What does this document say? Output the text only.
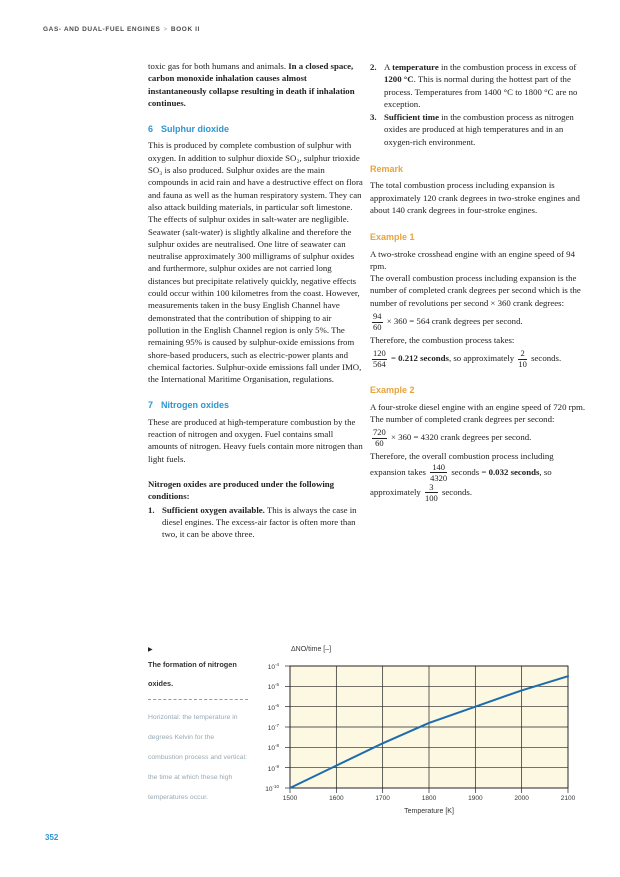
GAS- AND DUAL-FUEL ENGINES > BOOK II

toxic gas for both humans and animals. In a closed space, carbon monoxide inhalation causes almost instantaneously collapse resulting in death if inhalation continues.

6 Sulphur dioxide

This is produced by complete combustion of sulphur with oxygen. In addition to sulphur dioxide SO₂, sulphur trioxide SO₃ is also produced. Sulphur oxides are the main compounds in acid rain and have a destructive effect on flora and fauna as well as the human respiratory system. They can also attack building materials, in particular soft limestone. The effects of sulphur oxides in salt-water are negligible. Seawater (salt-water) is slightly alkaline and therefore the sulphur oxides are neutralised. One litre of seawater can neutralise approximately 300 milligrams of sulphur oxides and furthermore, sulphur oxides are not carried long distances but precipitate relatively quickly, negative effects could occur within 100 kilometres from the coast. However, measurements taken in the busy English Channel have demonstrated that the contribution of shipping to air pollution in the English Channel region is only 5%. The remaining 95% is caused by sulphur-oxide emissions from shore-based producers, such as electric-power plants and chemical factories. Sulphur-oxide emissions fall under IMO, the International Maritime Organisation, regulations.

7 Nitrogen oxides

These are produced at high-temperature combustion by the reaction of nitrogen and oxygen. Fuel contains small amounts of nitrogen. Heavy fuels contain more nitrogen than light fuels.

Nitrogen oxides are produced under the following conditions:

1. Sufficient oxygen available. This is always the case in diesel engines. The excess-air factor is often more than two, it can be above three.
2. A temperature in the combustion process in excess of 1200 °C. This is normal during the hottest part of the process. Temperatures from 1400 °C to 1800 °C are no exception.
3. Sufficient time in the combustion process as nitrogen oxides are produced at high temperatures and in an oxygen-rich environment.
Remark

The total combustion process including expansion is approximately 120 crank degrees in two-stroke engines and about 140 crank degrees in four-stroke engines.

Example 1

A two-stroke crosshead engine with an engine speed of 94 rpm.

The overall combustion process including expansion is the number of completed crank degrees per second which is the number of revolutions per second × 360 crank degrees:

$\frac{94}{60} \times 360 = 564$ crank degrees per second.

Therefore, the combustion process takes:

$\frac{120}{564} = 0.212$ seconds, so approximately $\frac{2}{10}$ seconds.

Example 2

A four-stroke diesel engine with an engine speed of 720 rpm.

The number of completed crank degrees per second:

$\frac{720}{60} \times 360 = 4320$ crank degrees per second.

Therefore, the overall combustion process including expansion takes $\frac{140}{4320}$ seconds = 0.032 seconds, so approximately $\frac{3}{100}$ seconds.

▶
The formation of nitrogen oxides.
Horizontal: the temperature in degrees Kelvin for the combustion process and vertical: the time at which these high temperatures occur.
ΔNO/time [–]
Temperature [K]
$10^{-4}$
$10^{-5}$
$10^{-6}$
$10^{-7}$
$10^{-8}$
$10^{-9}$
$10^{-10}$
1500	1600	1700	1800	1900	2000	2100
352
